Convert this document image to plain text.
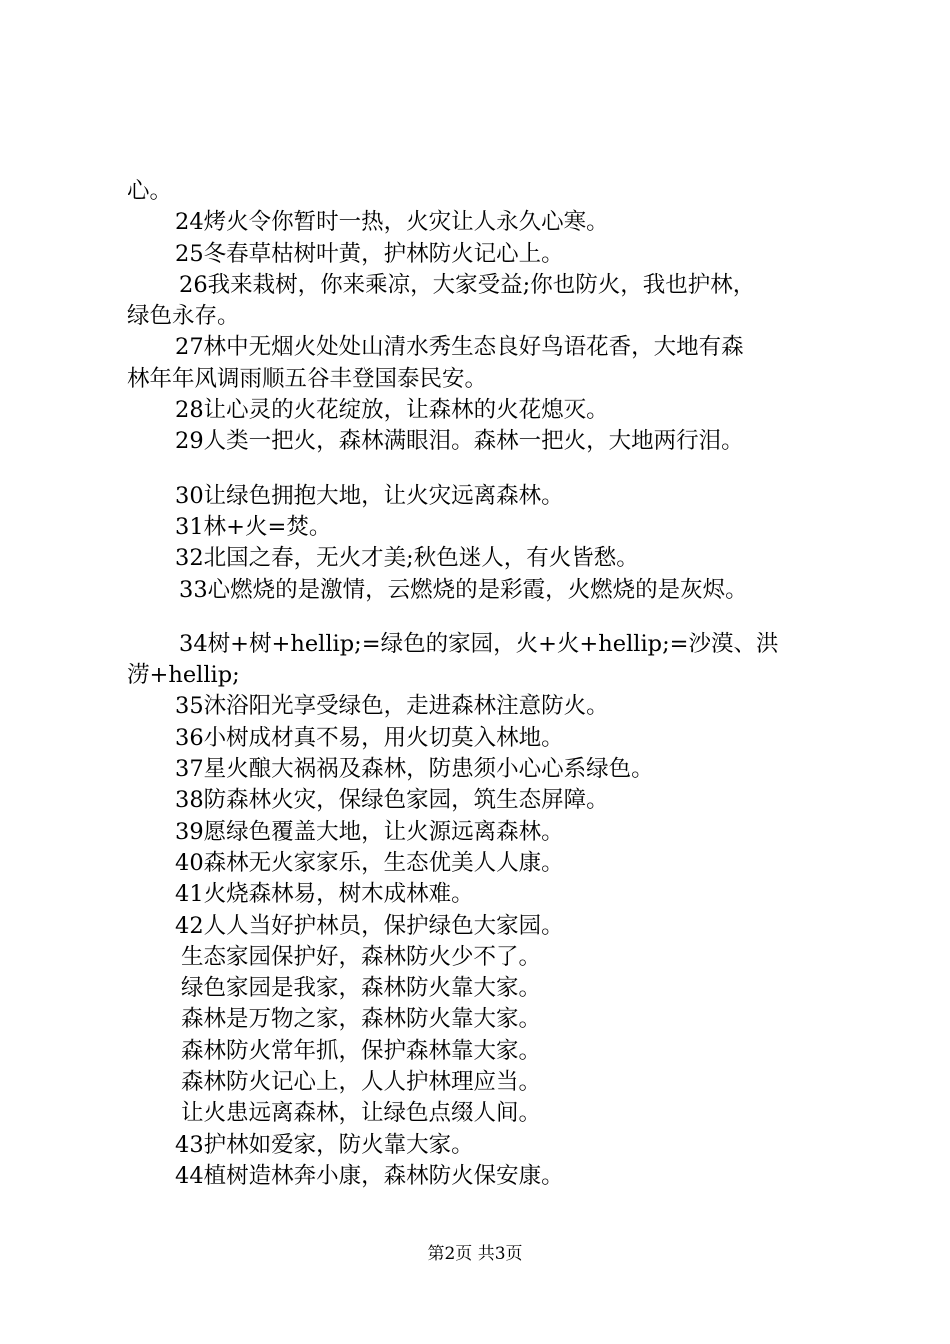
心。
24烤火令你暂时一热，火灾让人永久心寒。
25冬春草枯树叶黄，护林防火记心上。
26我来栽树，你来乘凉，大家受益;你也防火，我也护林，
绿色永存。
27林中无烟火处处山清水秀生态良好鸟语花香，大地有森
林年年风调雨顺五谷丰登国泰民安。
28让心灵的火花绽放，让森林的火花熄灭。
29人类一把火，森林满眼泪。森林一把火，大地两行泪。
30让绿色拥抱大地，让火灾远离森林。
31林+火=焚。
32北国之春，无火才美;秋色迷人，有火皆愁。
33心燃烧的是激情，云燃烧的是彩霞，火燃烧的是灰烬。
34树+树+hellip;=绿色的家园，火+火+hellip;=沙漠、洪
涝+hellip;
35沐浴阳光享受绿色，走进森林注意防火。
36小树成材真不易，用火切莫入林地。
37星火酿大祸祸及森林，防患须小心心系绿色。
38防森林火灾，保绿色家园，筑生态屏障。
39愿绿色覆盖大地，让火源远离森林。
40森林无火家家乐，生态优美人人康。
41火烧森林易，树木成林难。
42人人当好护林员，保护绿色大家园。
生态家园保护好，森林防火少不了。
绿色家园是我家，森林防火靠大家。
森林是万物之家，森林防火靠大家。
森林防火常年抓，保护森林靠大家。
森林防火记心上，人人护林理应当。
让火患远离森林，让绿色点缀人间。
43护林如爱家，防火靠大家。
44植树造林奔小康，森林防火保安康。
第2页 共3页
